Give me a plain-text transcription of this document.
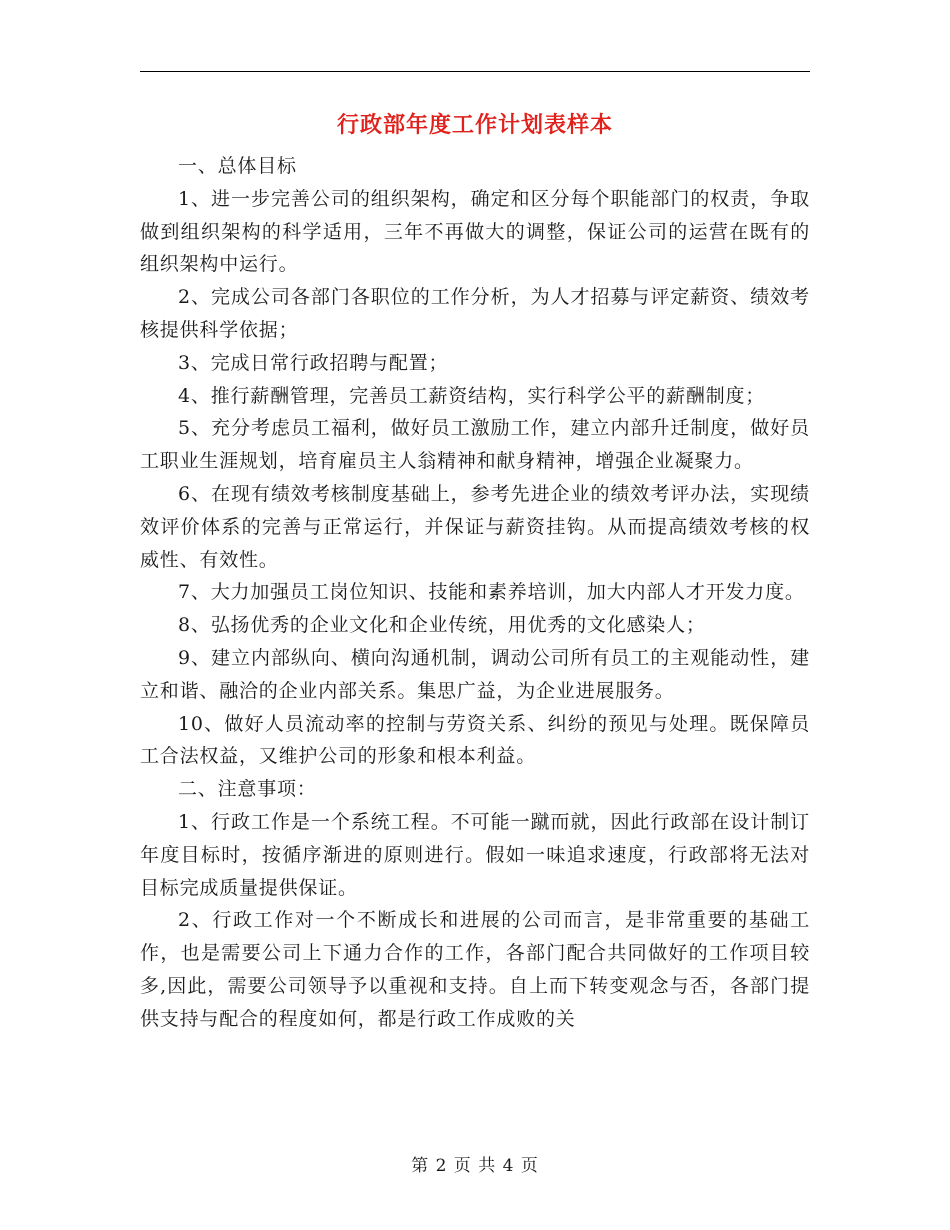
行政部年度工作计划表样本

一、总体目标

1、进一步完善公司的组织架构，确定和区分每个职能部门的权责，争取做到组织架构的科学适用，三年不再做大的调整，保证公司的运营在既有的组织架构中运行。

2、完成公司各部门各职位的工作分析，为人才招募与评定薪资、绩效考核提供科学依据；

3、完成日常行政招聘与配置；

4、推行薪酬管理，完善员工薪资结构，实行科学公平的薪酬制度；

5、充分考虑员工福利，做好员工激励工作，建立内部升迁制度，做好员工职业生涯规划，培育雇员主人翁精神和献身精神，增强企业凝聚力。

6、在现有绩效考核制度基础上，参考先进企业的绩效考评办法，实现绩效评价体系的完善与正常运行，并保证与薪资挂钩。从而提高绩效考核的权威性、有效性。

7、大力加强员工岗位知识、技能和素养培训，加大内部人才开发力度。

8、弘扬优秀的企业文化和企业传统，用优秀的文化感染人；

9、建立内部纵向、横向沟通机制，调动公司所有员工的主观能动性，建立和谐、融洽的企业内部关系。集思广益，为企业进展服务。

10、做好人员流动率的控制与劳资关系、纠纷的预见与处理。既保障员工合法权益，又维护公司的形象和根本利益。

二、注意事项：

1、行政工作是一个系统工程。不可能一蹴而就，因此行政部在设计制订年度目标时，按循序渐进的原则进行。假如一味追求速度，行政部将无法对目标完成质量提供保证。

2、行政工作对一个不断成长和进展的公司而言，是非常重要的基础工作，也是需要公司上下通力合作的工作，各部门配合共同做好的工作项目较多,因此，需要公司领导予以重视和支持。自上而下转变观念与否，各部门提供支持与配合的程度如何，都是行政工作成败的关

第 2 页 共 4 页
